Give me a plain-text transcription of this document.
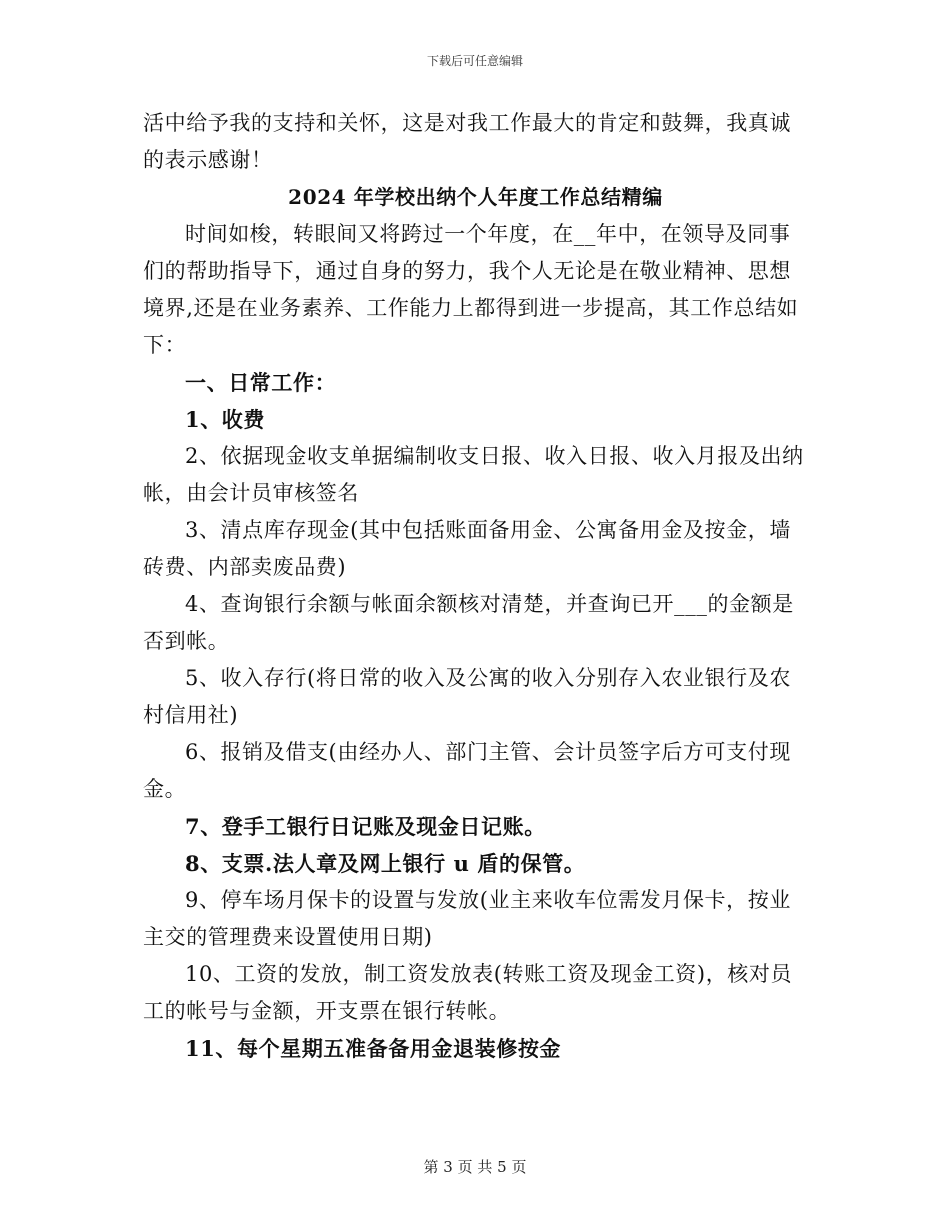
下载后可任意编辑
活中给予我的支持和关怀，这是对我工作最大的肯定和鼓舞，我真诚
的表示感谢！
2024 年学校出纳个人年度工作总结精编
时间如梭，转眼间又将跨过一个年度，在__年中，在领导及同事
们的帮助指导下，通过自身的努力，我个人无论是在敬业精神、思想
境界,还是在业务素养、工作能力上都得到进一步提高，其工作总结如
下：
一、日常工作：
1、收费
2、依据现金收支单据编制收支日报、收入日报、收入月报及出纳
帐，由会计员审核签名
3、清点库存现金(其中包括账面备用金、公寓备用金及按金，墙
砖费、内部卖废品费)
4、查询银行余额与帐面余额核对清楚，并查询已开___的金额是
否到帐。
5、收入存行(将日常的收入及公寓的收入分别存入农业银行及农
村信用社)
6、报销及借支(由经办人、部门主管、会计员签字后方可支付现
金。
7、登手工银行日记账及现金日记账。
8、支票.法人章及网上银行 u 盾的保管。
9、停车场月保卡的设置与发放(业主来收车位需发月保卡，按业
主交的管理费来设置使用日期)
10、工资的发放，制工资发放表(转账工资及现金工资)，核对员
工的帐号与金额，开支票在银行转帐。
11、每个星期五准备备用金退装修按金
第 3 页 共 5 页
